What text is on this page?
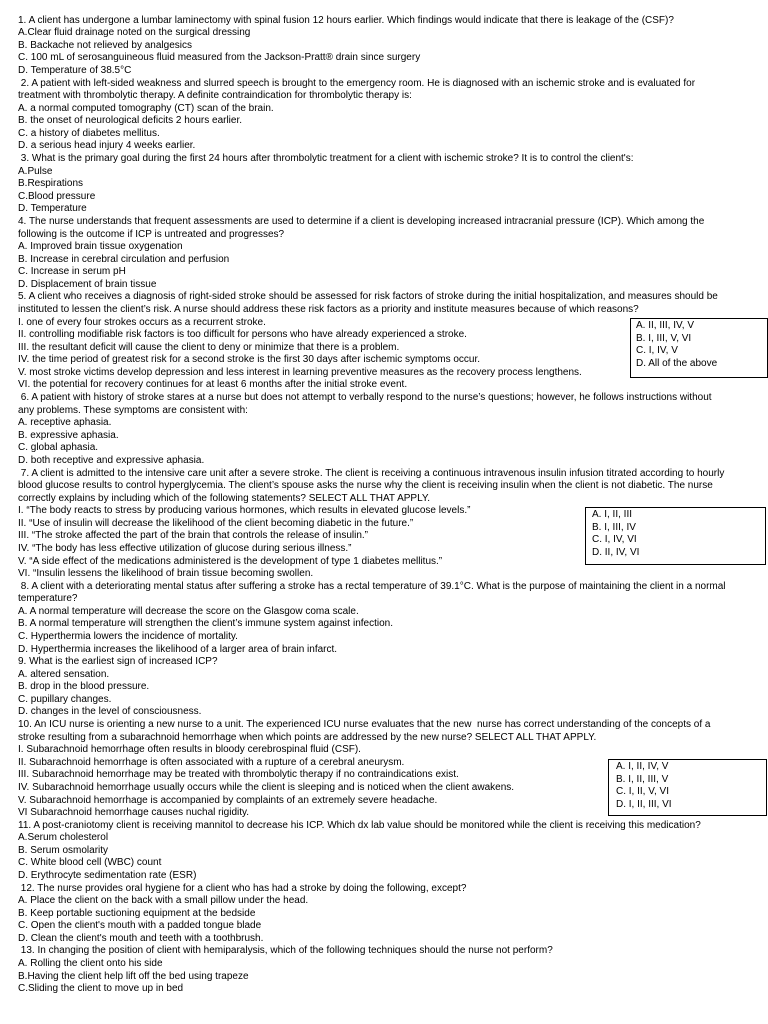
1. A client has undergone a lumbar laminectomy with spinal fusion 12 hours earlier. Which findings would indicate that there is leakage of the (CSF)?
A.Clear fluid drainage noted on the surgical dressing
B. Backache not relieved by analgesics
C. 100 mL of serosanguineous fluid measured from the Jackson-Pratt® drain since surgery
D. Temperature of 38.5°C
2. A patient with left-sided weakness and slurred speech is brought to the emergency room. He is diagnosed with an ischemic stroke and is evaluated for
treatment with thrombolytic therapy. A definite contraindication for thrombolytic therapy is:
A. a normal computed tomography (CT) scan of the brain.
B. the onset of neurological deficits 2 hours earlier.
C. a history of diabetes mellitus.
D. a serious head injury 4 weeks earlier.
3. What is the primary goal during the first 24 hours after thrombolytic treatment for a client with ischemic stroke? It is to control the client's:
A.Pulse
B.Respirations
C.Blood pressure
D. Temperature
4. The nurse understands that frequent assessments are used to determine if a client is developing increased intracranial pressure (ICP). Which among the
following is the outcome if ICP is untreated and progresses?
A. Improved brain tissue oxygenation
B. Increase in cerebral circulation and perfusion
C. Increase in serum pH
D. Displacement of brain tissue
5. A client who receives a diagnosis of right-sided stroke should be assessed for risk factors of stroke during the initial hospitalization, and measures should be
instituted to lessen the client’s risk. A nurse should address these risk factors as a priority and institute measures because of which reasons?
I. one of every four strokes occurs as a recurrent stroke.
II. controlling modifiable risk factors is too difficult for persons who have already experienced a stroke.
III. the resultant deficit will cause the client to deny or minimize that there is a problem.
IV. the time period of greatest risk for a second stroke is the first 30 days after ischemic symptoms occur.
V. most stroke victims develop depression and less interest in learning preventive measures as the recovery process lengthens.
VI. the potential for recovery continues for at least 6 months after the initial stroke event.
6. A patient with history of stroke stares at a nurse but does not attempt to verbally respond to the nurse’s questions; however, he follows instructions without
any problems. These symptoms are consistent with:
A. receptive aphasia.
B. expressive aphasia.
C. global aphasia.
D. both receptive and expressive aphasia.
7. A client is admitted to the intensive care unit after a severe stroke. The client is receiving a continuous intravenous insulin infusion titrated according to hourly
blood glucose results to control hyperglycemia. The client’s spouse asks the nurse why the client is receiving insulin when the client is not diabetic. The nurse
correctly explains by including which of the following statements? SELECT ALL THAT APPLY.
I. “The body reacts to stress by producing various hormones, which results in elevated glucose levels.”
II. “Use of insulin will decrease the likelihood of the client becoming diabetic in the future.”
III. “The stroke affected the part of the brain that controls the release of insulin.”
IV. “The body has less effective utilization of glucose during serious illness.”
V. “A side effect of the medications administered is the development of type 1 diabetes mellitus.”
VI. “Insulin lessens the likelihood of brain tissue becoming swollen.
8. A client with a deteriorating mental status after suffering a stroke has a rectal temperature of 39.1°C. What is the purpose of maintaining the client in a normal
temperature?
A. A normal temperature will decrease the score on the Glasgow coma scale.
B. A normal temperature will strengthen the client’s immune system against infection.
C. Hyperthermia lowers the incidence of mortality.
D. Hyperthermia increases the likelihood of a larger area of brain infarct.
9. What is the earliest sign of increased ICP?
A. altered sensation.
B. drop in the blood pressure.
C. pupillary changes.
D. changes in the level of consciousness.
10. An ICU nurse is orienting a new nurse to a unit. The experienced ICU nurse evaluates that the new  nurse has correct understanding of the concepts of a
stroke resulting from a subarachnoid hemorrhage when which points are addressed by the new nurse? SELECT ALL THAT APPLY.
I. Subarachnoid hemorrhage often results in bloody cerebrospinal fluid (CSF).
II. Subarachnoid hemorrhage is often associated with a rupture of a cerebral aneurysm.
III. Subarachnoid hemorrhage may be treated with thrombolytic therapy if no contraindications exist.
IV. Subarachnoid hemorrhage usually occurs while the client is sleeping and is noticed when the client awakens.
V. Subarachnoid hemorrhage is accompanied by complaints of an extremely severe headache.
VI Subarachnoid hemorrhage causes nuchal rigidity.
11. A post-craniotomy client is receiving mannitol to decrease his ICP. Which dx lab value should be monitored while the client is receiving this medication?
A.Serum cholesterol
B. Serum osmolarity
C. White blood cell (WBC) count
D. Erythrocyte sedimentation rate (ESR)
12. The nurse provides oral hygiene for a client who has had a stroke by doing the following, except?
A. Place the client on the back with a small pillow under the head.
B. Keep portable suctioning equipment at the bedside
C. Open the client's mouth with a padded tongue blade
D. Clean the client's mouth and teeth with a toothbrush.
13. In changing the position of client with hemiparalysis, which of the following techniques should the nurse not perform?
A. Rolling the client onto his side
B.Having the client help lift off the bed using trapeze
C.Sliding the client to move up in bed
A. II, III, IV, V
B. I, III, V, VI
C. I, IV, V
D. All of the above
A. I, II, III
B. I, III, IV
C. I, IV, VI
D. II, IV, VI
A. I, II, IV, V
B. I, II, III, V
C. I, II, V, VI
D. I, II, III, VI
